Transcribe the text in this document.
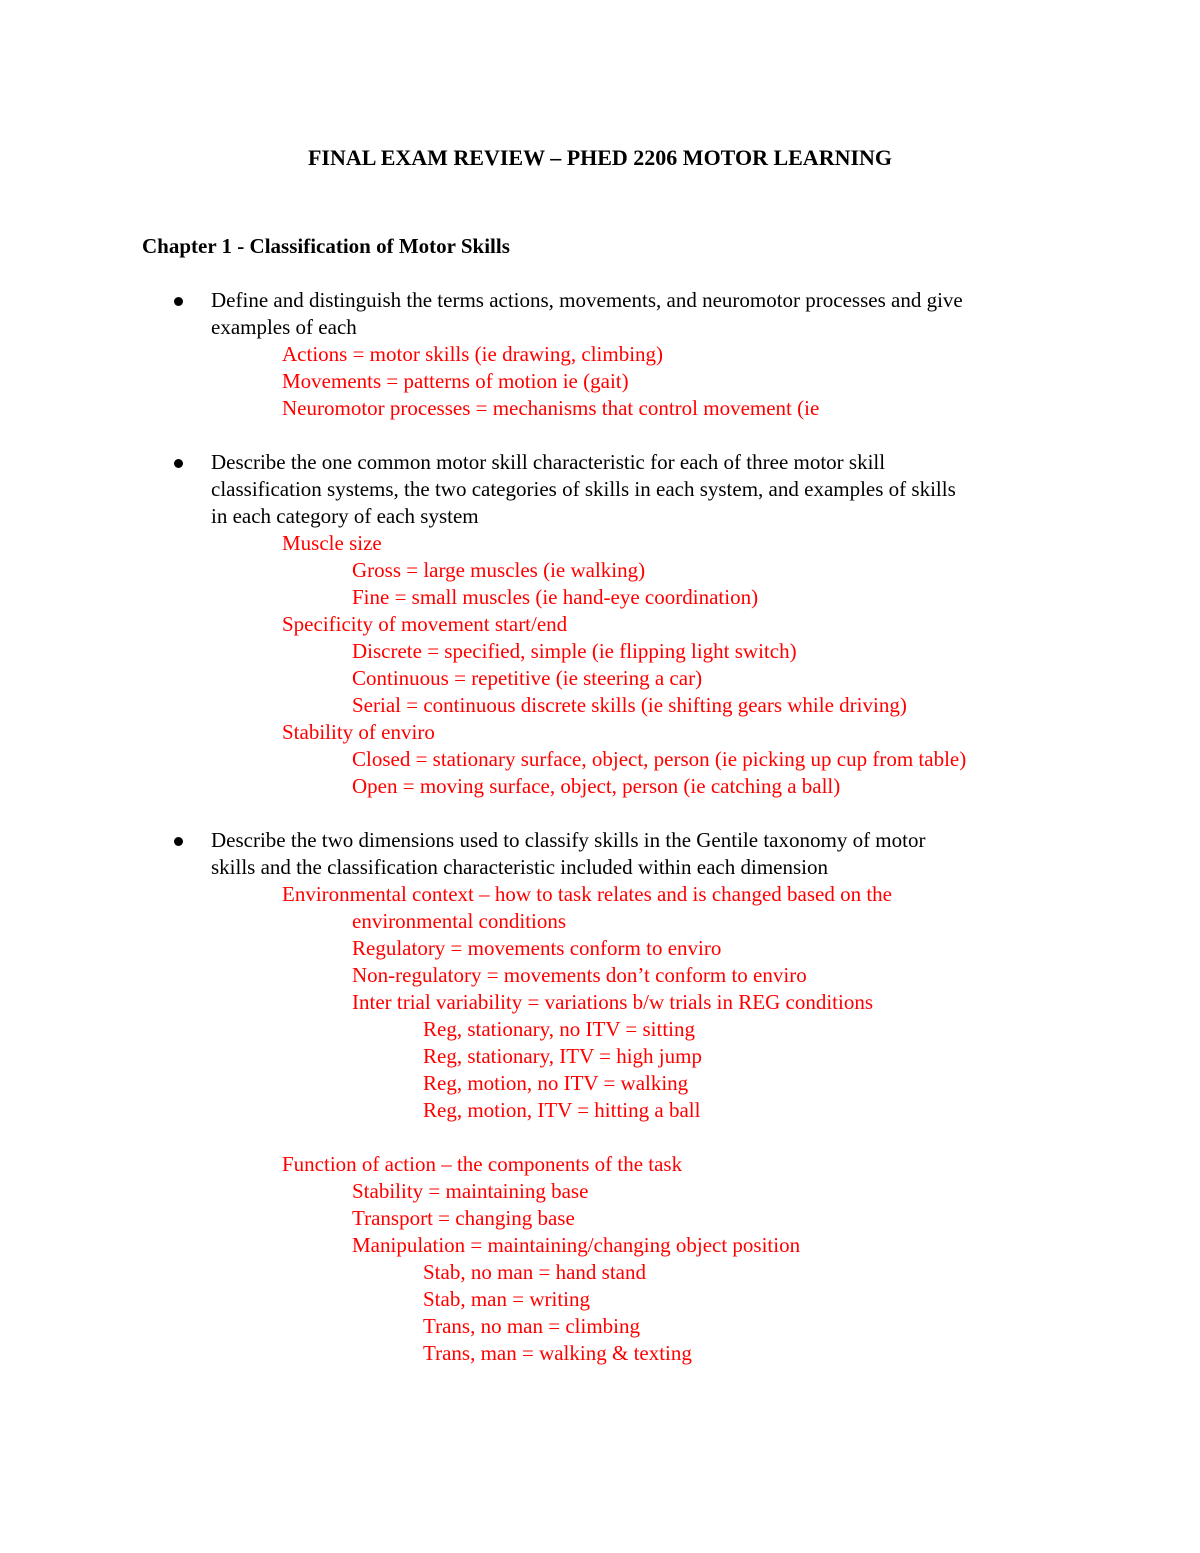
FINAL EXAM REVIEW – PHED 2206 MOTOR LEARNING
Chapter 1 - Classification of Motor Skills
Define and distinguish the terms actions, movements, and neuromotor processes and give
examples of each
Actions = motor skills (ie drawing, climbing)
Movements = patterns of motion ie (gait)
Neuromotor processes = mechanisms that control movement (ie
Describe the one common motor skill characteristic for each of three motor skill
classification systems, the two categories of skills in each system, and examples of skills
in each category of each system
Muscle size
Gross = large muscles (ie walking)
Fine = small muscles (ie hand-eye coordination)
Specificity of movement start/end
Discrete = specified, simple (ie flipping light switch)
Continuous = repetitive (ie steering a car)
Serial = continuous discrete skills (ie shifting gears while driving)
Stability of enviro
Closed = stationary surface, object, person (ie picking up cup from table)
Open = moving surface, object, person (ie catching a ball)
Describe the two dimensions used to classify skills in the Gentile taxonomy of motor
skills and the classification characteristic included within each dimension
Environmental context – how to task relates and is changed based on the
environmental conditions
Regulatory = movements conform to enviro
Non-regulatory = movements don’t conform to enviro
Inter trial variability = variations b/w trials in REG conditions
Reg, stationary, no ITV = sitting
Reg, stationary, ITV = high jump
Reg, motion, no ITV = walking
Reg, motion, ITV = hitting a ball
Function of action – the components of the task
Stability = maintaining base
Transport = changing base
Manipulation = maintaining/changing object position
Stab, no man = hand stand
Stab, man = writing
Trans, no man = climbing
Trans, man = walking & texting
